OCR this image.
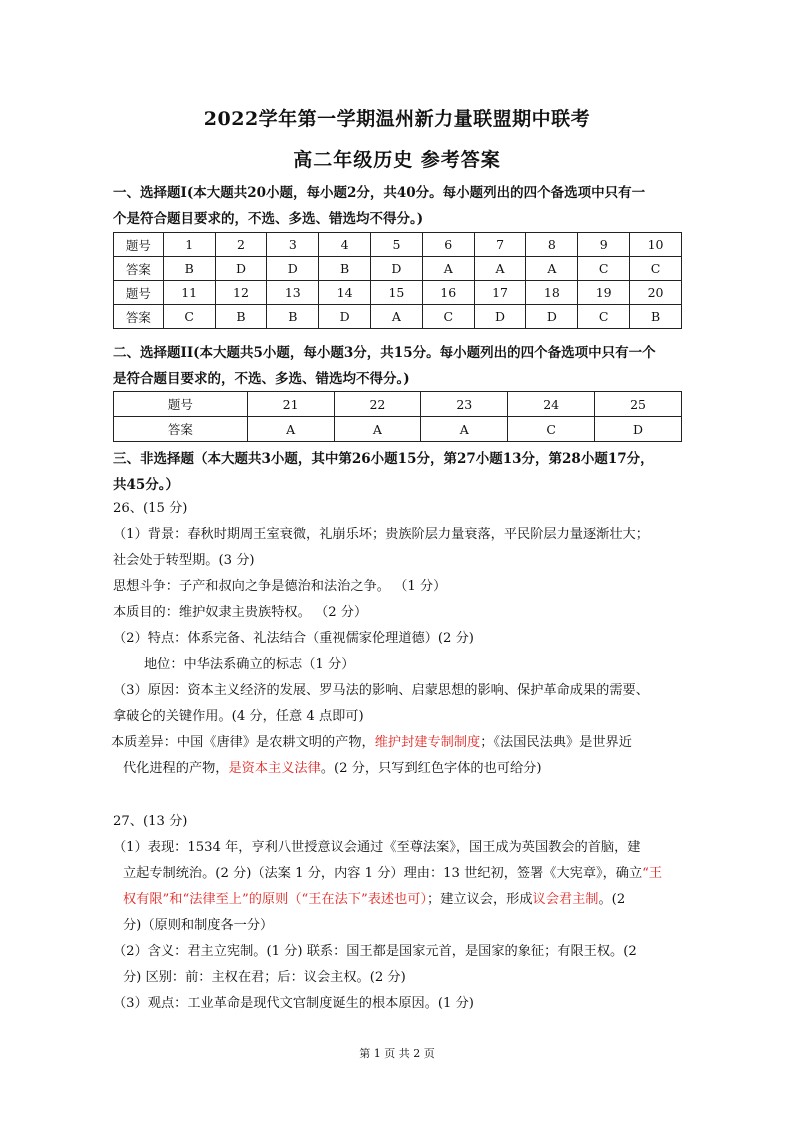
2022学年第一学期温州新力量联盟期中联考
高二年级历史 参考答案
一、选择题I(本大题共20小题，每小题2分，共40分。每小题列出的四个备选项中只有一
个是符合题目要求的，不选、多选、错选均不得分。)
题号	1	2	3	4	5	6	7	8	9	10
答案	B	D	D	B	D	A	A	A	C	C
题号	11	12	13	14	15	16	17	18	19	20
答案	C	B	B	D	A	C	D	D	C	B
二、选择题II(本大题共5小题，每小题3分，共15分。每小题列出的四个备选项中只有一个
是符合题目要求的，不选、多选、错选均不得分。)
题号	21	22	23	24	25
答案	A	A	A	C	D
三、非选择题（本大题共3小题，其中第26小题15分，第27小题13分，第28小题17分，
共45分。）
26、(15 分)
（1）背景：春秋时期周王室衰微，礼崩乐坏；贵族阶层力量衰落，平民阶层力量逐渐壮大；
社会处于转型期。(3 分)
思想斗争：子产和叔向之争是德治和法治之争。 （1 分）
本质目的：维护奴隶主贵族特权。 （2 分）
（2）特点：体系完备、礼法结合（重视儒家伦理道德）(2 分)
地位：中华法系确立的标志（1 分）
（3）原因：资本主义经济的发展、罗马法的影响、启蒙思想的影响、保护革命成果的需要、
拿破仑的关键作用。(4 分，任意 4 点即可)
本质差异：中国《唐律》是农耕文明的产物，维护封建专制制度；《法国民法典》是世界近
代化进程的产物，是资本主义法律。(2 分，只写到红色字体的也可给分)
27、(13 分)
（1）表现：1534 年，亨利八世授意议会通过《至尊法案》，国王成为英国教会的首脑，建
立起专制统治。(2 分)（法案 1 分，内容 1 分）理由：13 世纪初，签署《大宪章》，确立“王
权有限”和“法律至上”的原则（“王在法下”表述也可）；建立议会，形成议会君主制。(2
分)（原则和制度各一分）
（2）含义：君主立宪制。(1 分) 联系：国王都是国家元首，是国家的象征；有限王权。(2
分) 区别：前：主权在君；后：议会主权。(2 分)
（3）观点：工业革命是现代文官制度诞生的根本原因。(1 分)
第 1 页 共 2 页
